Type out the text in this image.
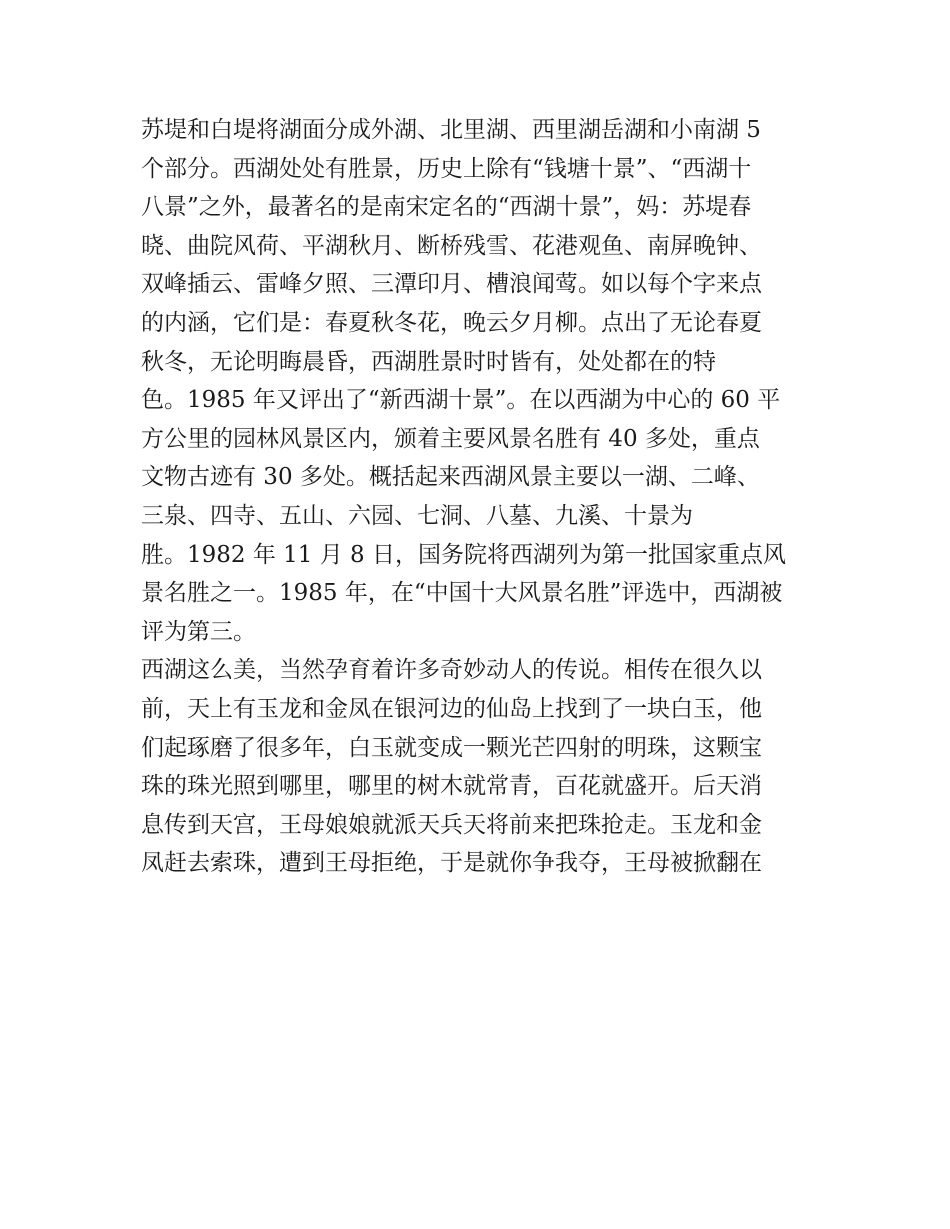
苏堤和白堤将湖面分成外湖、北里湖、西里湖岳湖和小南湖 5
个部分。西湖处处有胜景，历史上除有“钱塘十景”、“西湖十
八景”之外，最著名的是南宋定名的“西湖十景”，妈：苏堤春
晓、曲院风荷、平湖秋月、断桥残雪、花港观鱼、南屏晚钟、
双峰插云、雷峰夕照、三潭印月、槽浪闻莺。如以每个字来点
的内涵，它们是：春夏秋冬花，晚云夕月柳。点出了无论春夏
秋冬，无论明晦晨昏，西湖胜景时时皆有，处处都在的特
色。1985 年又评出了“新西湖十景”。在以西湖为中心的 60 平
方公里的园林风景区内，颁着主要风景名胜有 40 多处，重点
文物古迹有 30 多处。概括起来西湖风景主要以一湖、二峰、
三泉、四寺、五山、六园、七洞、八墓、九溪、十景为
胜。1982 年 11 月 8 日，国务院将西湖列为第一批国家重点风
景名胜之一。1985 年，在“中国十大风景名胜”评选中，西湖被
评为第三。
西湖这么美，当然孕育着许多奇妙动人的传说。相传在很久以
前，天上有玉龙和金凤在银河边的仙岛上找到了一块白玉，他
们起琢磨了很多年，白玉就变成一颗光芒四射的明珠，这颗宝
珠的珠光照到哪里，哪里的树木就常青，百花就盛开。后天消
息传到天宫，王母娘娘就派天兵天将前来把珠抢走。玉龙和金
凤赶去索珠，遭到王母拒绝，于是就你争我夺，王母被掀翻在
